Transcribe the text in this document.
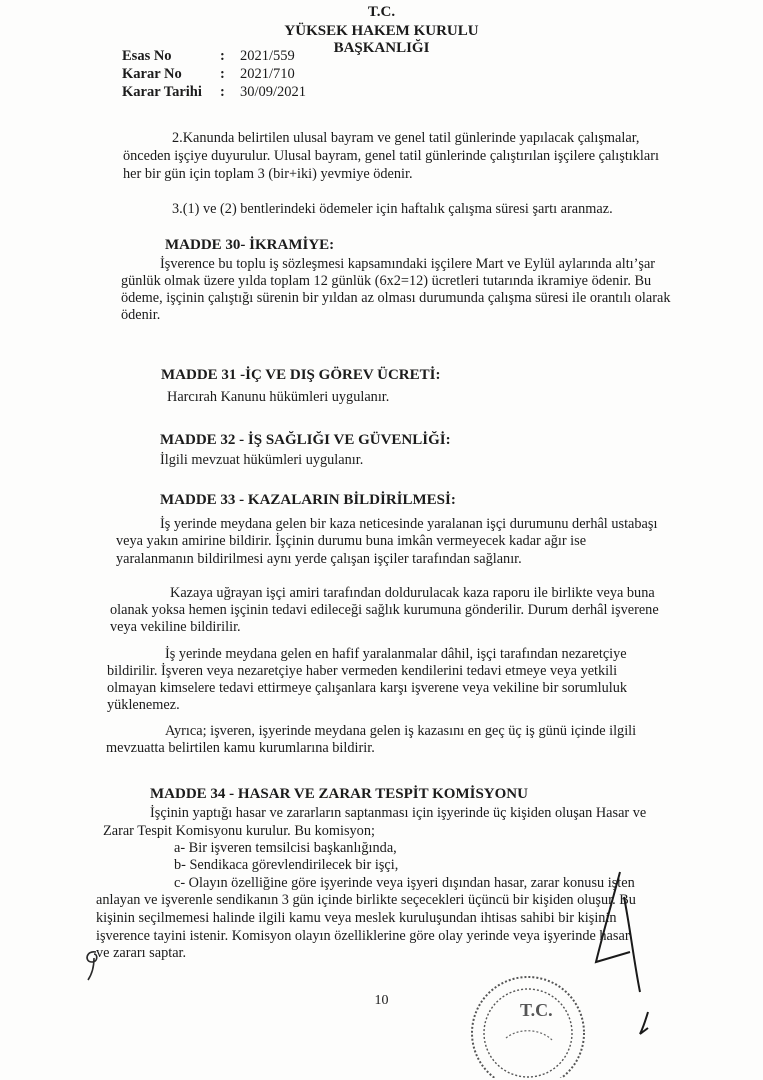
T.C.
YÜKSEK HAKEM KURULU
BAŞKANLIĞI
Esas No	: 2021/559
Karar No	: 2021/710
Karar Tarihi : 30/09/2021
2.Kanunda belirtilen ulusal bayram ve genel tatil günlerinde yapılacak çalışmalar,
önceden işçiye duyurulur. Ulusal bayram, genel tatil günlerinde çalıştırılan işçilere çalıştıkları
her bir gün için toplam 3 (bir+iki) yevmiye ödenir.
3.(1) ve (2) bentlerindeki ödemeler için haftalık çalışma süresi şartı aranmaz.
MADDE 30- İKRAMİYE:
İşverence bu toplu iş sözleşmesi kapsamındaki işçilere Mart ve Eylül aylarında altı’şar
günlük olmak üzere yılda toplam 12 günlük (6x2=12) ücretleri tutarında ikramiye ödenir. Bu
ödeme, işçinin çalıştığı sürenin bir yıldan az olması durumunda çalışma süresi ile orantılı olarak
ödenir.
MADDE 31 -İÇ VE DIŞ GÖREV ÜCRETİ:
Harcırah Kanunu hükümleri uygulanır.
MADDE 32 - İŞ SAĞLIĞI VE GÜVENLİĞİ:
İlgili mevzuat hükümleri uygulanır.
MADDE 33 - KAZALARIN BİLDİRİLMESİ:
İş yerinde meydana gelen bir kaza neticesinde yaralanan işçi durumunu derhâl ustabaşı
veya yakın amirine bildirir. İşçinin durumu buna imkân vermeyecek kadar ağır ise
yaralanmanın bildirilmesi aynı yerde çalışan işçiler tarafından sağlanır.
Kazaya uğrayan işçi amiri tarafından doldurulacak kaza raporu ile birlikte veya buna
olanak yoksa hemen işçinin tedavi edileceği sağlık kurumuna gönderilir. Durum derhâl işverene
veya vekiline bildirilir.
İş yerinde meydana gelen en hafif yaralanmalar dâhil, işçi tarafından nezaretçiye
bildirilir. İşveren veya nezaretçiye haber vermeden kendilerini tedavi etmeye veya yetkili
olmayan kimselere tedavi ettirmeye çalışanlara karşı işverene veya vekiline bir sorumluluk
yüklenemez.
Ayrıca; işveren, işyerinde meydana gelen iş kazasını en geç üç iş günü içinde ilgili
mevzuatta belirtilen kamu kurumlarına bildirir.
MADDE 34 - HASAR VE ZARAR TESPİT KOMİSYONU
İşçinin yaptığı hasar ve zararların saptanması için işyerinde üç kişiden oluşan Hasar ve
Zarar Tespit Komisyonu kurulur. Bu komisyon;
a- Bir işveren temsilcisi başkanlığında,
b- Sendikaca görevlendirilecek bir işçi,
c- Olayın özelliğine göre işyerinde veya işyeri dışından hasar, zarar konusu işten
anlayan ve işverenle sendikanın 3 gün içinde birlikte seçecekleri üçüncü bir kişiden oluşur. Bu
kişinin seçilmemesi halinde ilgili kamu veya meslek kuruluşundan ihtisas sahibi bir kişinin
işverence tayini istenir. Komisyon olayın özelliklerine göre olay yerinde veya işyerinde hasar
ve zararı saptar.
10	T.C.
